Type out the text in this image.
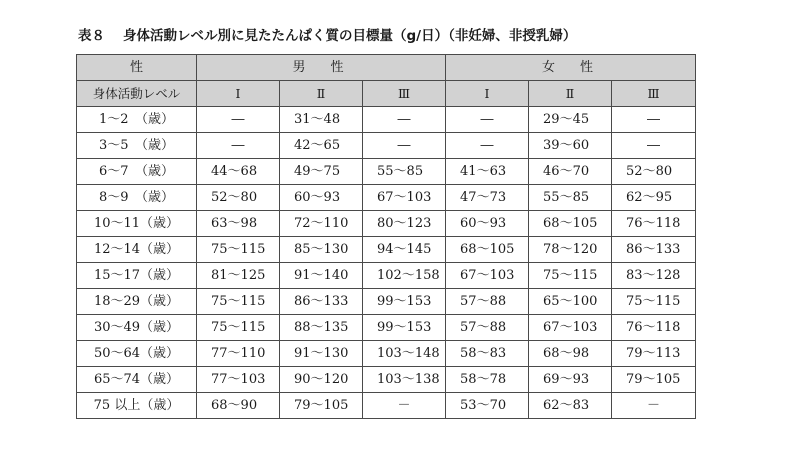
表８ 身体活動レベル別に見たたんぱく質の目標量（g/日）（非妊婦、非授乳婦）
性	男　性			女　性		
身体活動レベル	Ⅰ	Ⅱ	Ⅲ	Ⅰ	Ⅱ	Ⅲ
1～2　（歳）	―	31～48	―	―	29～45	―
3～5　（歳）	―	42～65	―	―	39～60	―
6～7　（歳）	44～68	49～75	55～85	41～63	46～70	52～80
8～9　（歳）	52～80	60～93	67～103	47～73	55～85	62～95
10～11（歳）	63～98	72～110	80～123	60～93	68～105	76～118
12～14（歳）	75～115	85～130	94～145	68～105	78～120	86～133
15～17（歳）	81～125	91～140	102～158	67～103	75～115	83～128
18～29（歳）	75～115	86～133	99～153	57～88	65～100	75～115
30～49（歳）	75～115	88～135	99～153	57～88	67～103	76～118
50～64（歳）	77～110	91～130	103～148	58～83	68～98	79～113
65～74（歳）	77～103	90～120	103～138	58～78	69～93	79～105
75 以上（歳）	68～90	79～105	－	53～70	62～83	－
